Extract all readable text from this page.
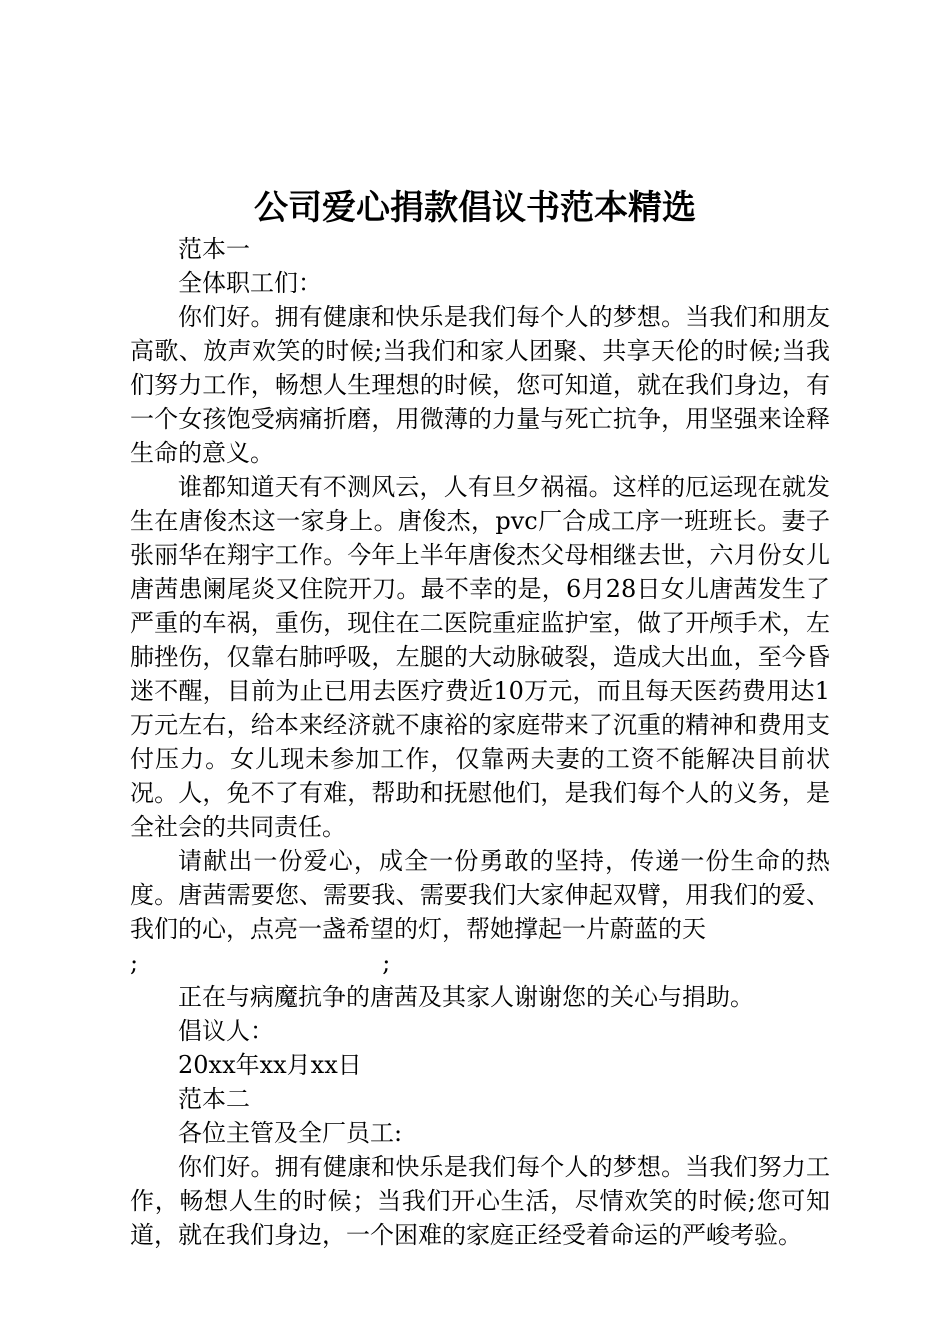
公司爱心捐款倡议书范本精选

范本一

全体职工们：

你们好。拥有健康和快乐是我们每个人的梦想。当我们和朋友高歌、放声欢笑的时候;当我们和家人团聚、共享天伦的时候;当我们努力工作，畅想人生理想的时候，您可知道，就在我们身边，有一个女孩饱受病痛折磨，用微薄的力量与死亡抗争，用坚强来诠释生命的意义。

谁都知道天有不测风云，人有旦夕祸福。这样的厄运现在就发生在唐俊杰这一家身上。唐俊杰，pvc厂合成工序一班班长。妻子张丽华在翔宇工作。今年上半年唐俊杰父母相继去世，六月份女儿唐茜患阑尾炎又住院开刀。最不幸的是，6月28日女儿唐茜发生了严重的车祸，重伤，现住在二医院重症监护室，做了开颅手术，左肺挫伤，仅靠右肺呼吸，左腿的大动脉破裂，造成大出血，至今昏迷不醒，目前为止已用去医疗费近10万元，而且每天医药费用达1万元左右，给本来经济就不康裕的家庭带来了沉重的精神和费用支付压力。女儿现未参加工作，仅靠两夫妻的工资不能解决目前状况。人，免不了有难，帮助和抚慰他们，是我们每个人的义务，是全社会的共同责任。

请献出一份爱心，成全一份勇敢的坚持，传递一份生命的热度。唐茜需要您、需要我、需要我们大家伸起双臂，用我们的爱、我们的心，点亮一盏希望的灯，帮她撑起一片蔚蓝的天

;                                ;

正在与病魔抗争的唐茜及其家人谢谢您的关心与捐助。

倡议人：

20xx年xx月xx日

范本二

各位主管及全厂员工:

你们好。拥有健康和快乐是我们每个人的梦想。当我们努力工作，畅想人生的时候；当我们开心生活，尽情欢笑的时候;您可知道，就在我们身边，一个困难的家庭正经受着命运的严峻考验。
